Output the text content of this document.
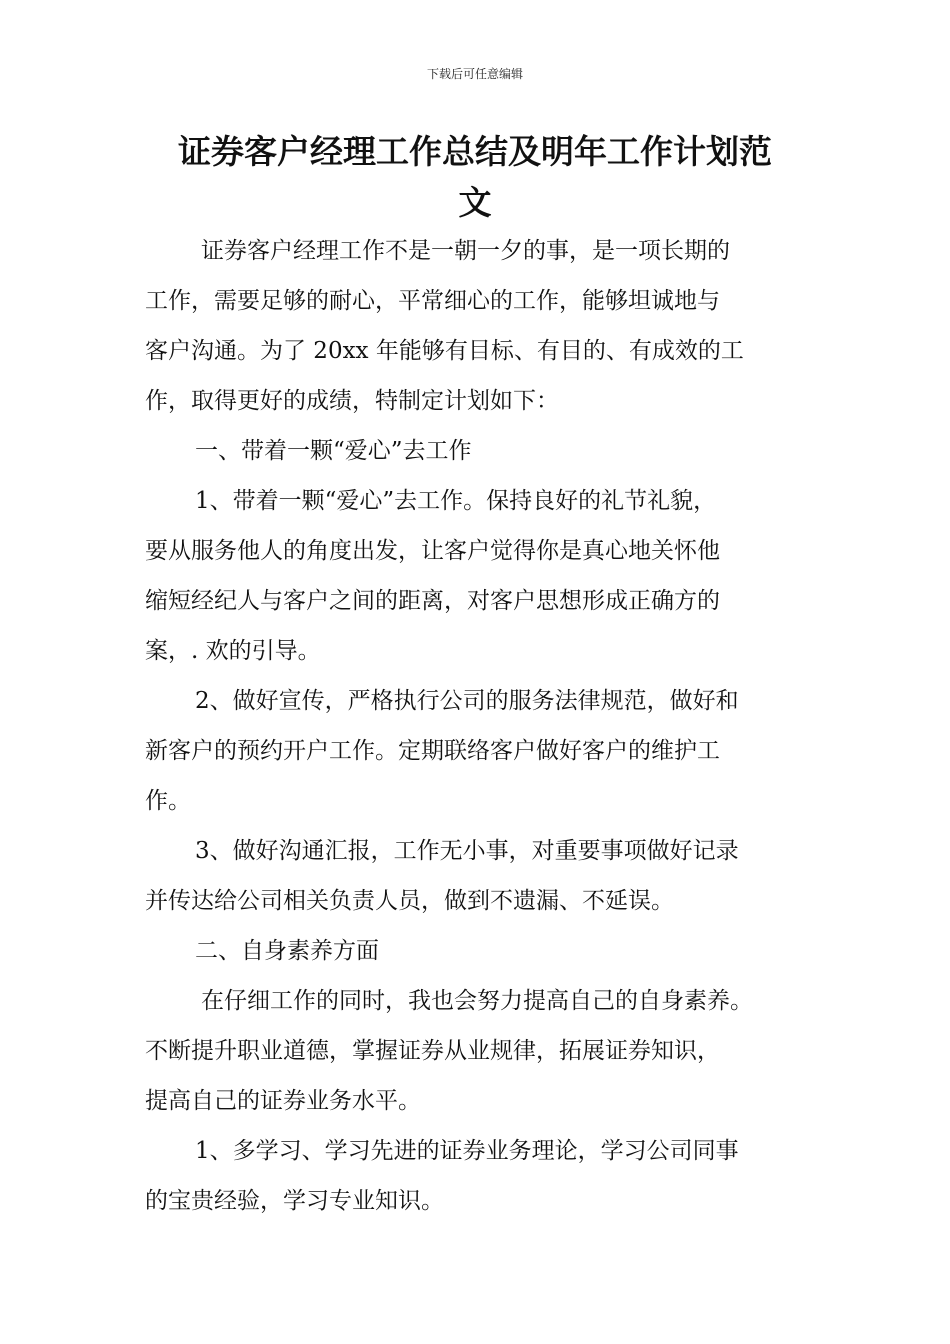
下载后可任意编辑
证券客户经理工作总结及明年工作计划范
文
证券客户经理工作不是一朝一夕的事，是一项长期的
工作，需要足够的耐心，平常细心的工作，能够坦诚地与
客户沟通。为了 20xx 年能够有目标、有目的、有成效的工
作，取得更好的成绩，特制定计划如下：
一、带着一颗“爱心”去工作
1、带着一颗“爱心”去工作。保持良好的礼节礼貌，
要从服务他人的角度出发，让客户觉得你是真心地关怀他
缩短经纪人与客户之间的距离，对客户思想形成正确方的
案，. 欢的引导。
2、做好宣传，严格执行公司的服务法律规范，做好和
新客户的预约开户工作。定期联络客户做好客户的维护工
作。
3、做好沟通汇报，工作无小事，对重要事项做好记录
并传达给公司相关负责人员，做到不遗漏、不延误。
二、自身素养方面
在仔细工作的同时，我也会努力提高自己的自身素养。
不断提升职业道德，掌握证券从业规律，拓展证券知识，
提高自己的证券业务水平。
1、多学习、学习先进的证券业务理论，学习公司同事
的宝贵经验，学习专业知识。
